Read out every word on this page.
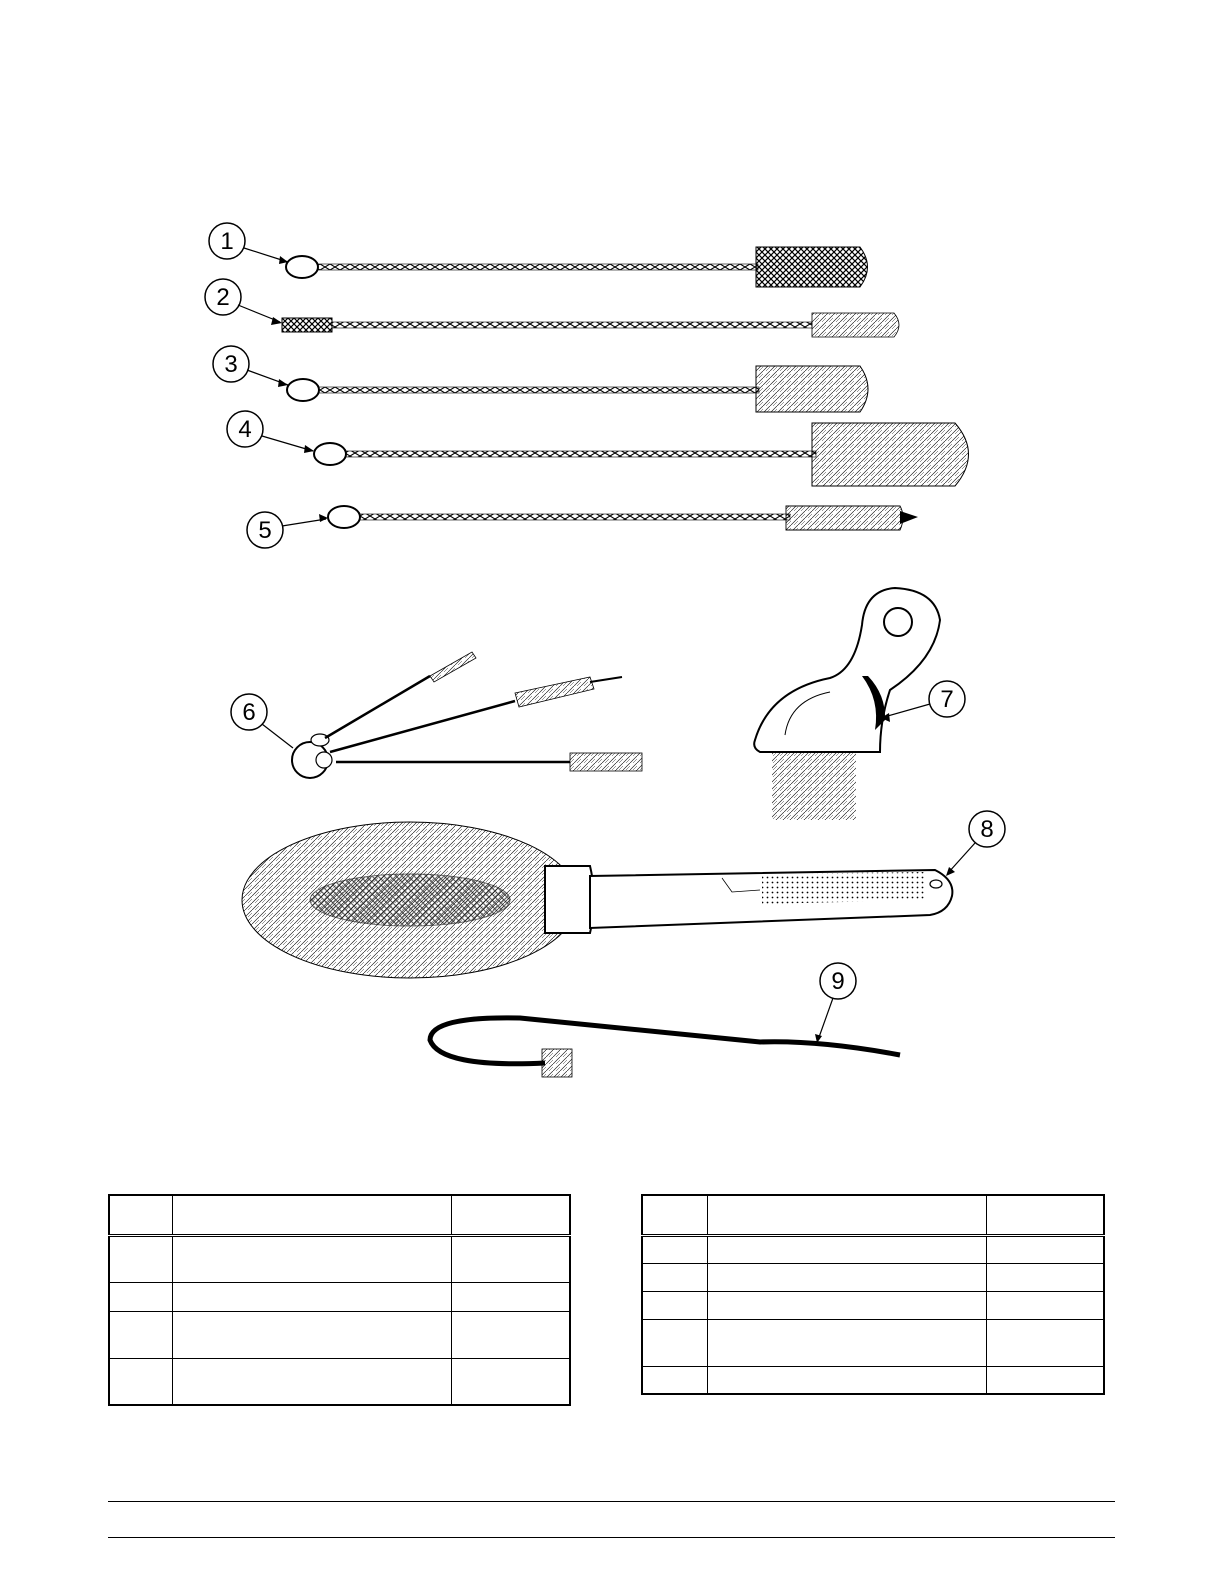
1
2
3
4
5
6	7
8
9
